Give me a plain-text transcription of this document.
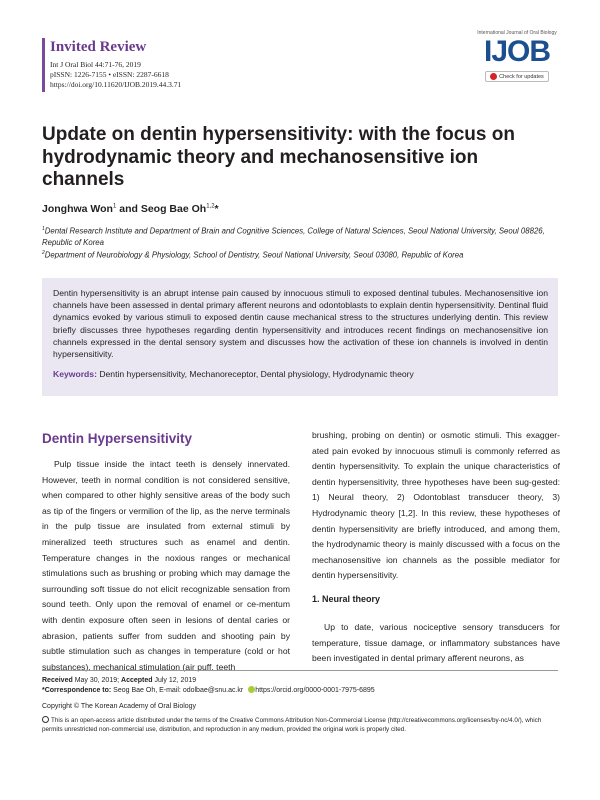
Invited Review
Int J Oral Biol 44:71-76, 2019
pISSN: 1226-7155 • eISSN: 2287-6618
https://doi.org/10.11620/IJOB.2019.44.3.71
International Journal of Oral Biology
IJOB
Check for updates
Update on dentin hypersensitivity: with the focus on hydrodynamic theory and mechanosensitive ion channels
Jonghwa Won$^1$ and Seog Bae Oh$^{1,2}$*
$^1$Dental Research Institute and Department of Brain and Cognitive Sciences, College of Natural Sciences, Seoul National University, Seoul 08826, Republic of Korea
$^2$Department of Neurobiology & Physiology, School of Dentistry, Seoul National University, Seoul 03080, Republic of Korea

Dentin hypersensitivity is an abrupt intense pain caused by innocuous stimuli to exposed dentinal tubules. Mechanosensitive ion channels have been assessed in dental primary afferent neurons and odontoblasts to explain dentin hypersensitivity. Dentinal fluid dynamics evoked by various stimuli to exposed dentin cause mechanical stress to the structures underlying dentin. This review briefly discusses three hypotheses regarding dentin hypersensitivity and introduces recent findings on mechanosensitive ion channels expressed in the dental sensory system and discusses how the activation of these ion channels is involved in dentin hypersensitivity.

Keywords: Dentin hypersensitivity, Mechanoreceptor, Dental physiology, Hydrodynamic theory

Dentin Hypersensitivity

Pulp tissue inside the intact teeth is densely innervated. However, teeth in normal condition is not considered sensitive, when compared to other highly sensitive areas of the body such as tip of the fingers or vermilion of the lip, as the nerve terminals in the pulp tissue are insulated from external stimuli by mineralized teeth structures such as enamel and dentin. Temperature changes in the noxious ranges or mechanical stimulations such as brushing or probing which may damage the surrounding soft tissue do not elicit recognizable sensation from sound teeth. Only upon the removal of enamel or ce-mentum with dentin exposure often seen in lesions of dental caries or abrasion, patients suffer from sudden and shooting pain by subtle stimulation such as changes in temperature (cold or hot substances), mechanical stimulation (air puff, teeth

brushing, probing on dentin) or osmotic stimuli. This exagger-ated pain evoked by innocuous stimuli is commonly referred as dentin hypersensitivity. To explain the unique characteristics of dentin hypersensitivity, three hypotheses have been sug-gested: 1) Neural theory, 2) Odontoblast transducer theory, 3) Hydrodynamic theory [1,2]. In this review, these hypotheses of dentin hypersensitivity are briefly introduced, and among them, the hydrodynamic theory is mainly discussed with a focus on the mechanosensitive ion channels as the possible mediator for dentin hypersensitivity.

1. Neural theory

Up to date, various nociceptive sensory transducers for temperature, tissue damage, or inflammatory substances have been investigated in dental primary afferent neurons, as

Received May 30, 2019; Accepted July 12, 2019
*Correspondence to: Seog Bae Oh, E-mail: odolbae@snu.ac.kr https://orcid.org/0000-0001-7975-6895
Copyright © The Korean Academy of Oral Biology
This is an open-access article distributed under the terms of the Creative Commons Attribution Non-Commercial License (http://creativecommons.org/licenses/by-nc/4.0/), which permits unrestricted non-commercial use, distribution, and reproduction in any medium, provided the original work is properly cited.
